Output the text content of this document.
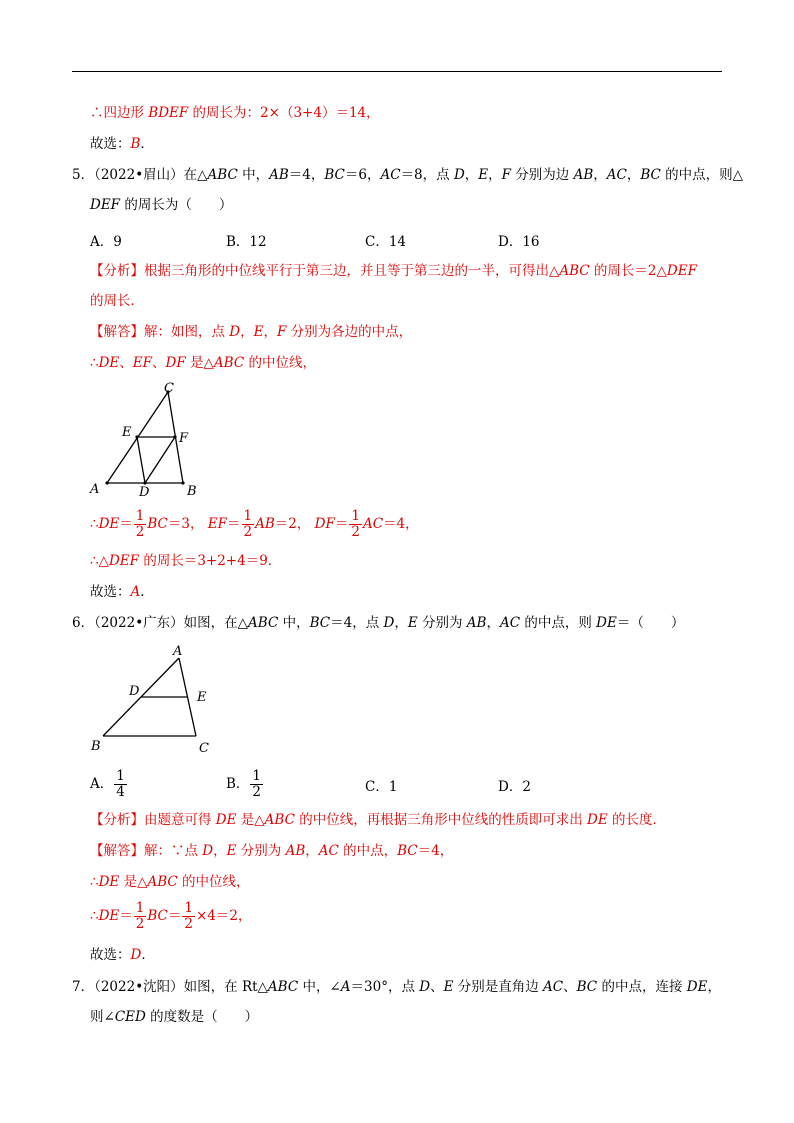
∴四边形 BDEF 的周长为：2×（3+4）＝14，
故选：B．
5．（2022•眉山）在△ABC 中，AB＝4，BC＝6，AC＝8，点 D，E，F 分别为边 AB，AC，BC 的中点，则△
DEF 的周长为（　　）
A．9	B．12	C．14	D．16
【分析】根据三角形的中位线平行于第三边，并且等于第三边的一半，可得出△ABC 的周长＝2△DEF
的周长．
【解答】解：如图，点 D，E，F 分别为各边的中点，
∴DE、EF、DF 是△ABC 的中位线，
C
E	F
A	D	B
∴DE＝ $\frac{1}{2} BC=3$， $EF= \frac{1}{2} AB=2$， $DF= \frac{1}{2} AC=4$，
∴△DEF 的周长＝3+2+4＝9．
故选：A．
6．（2022•广东）如图，在△ABC 中，BC＝4，点 D，E 分别为 AB，AC 的中点，则 DE＝（　　）
A
D	E
B	C
A． $\frac{1}{4}$	B． $\frac{1}{2}$	C．1	D．2
【分析】由题意可得 DE 是△ABC 的中位线，再根据三角形中位线的性质即可求出 DE 的长度．
【解答】解：∵点 D，E 分别为 AB，AC 的中点，BC＝4，
∴DE 是△ABC 的中位线，
∴DE＝ $\frac{1}{2} BC= \frac{1}{2} \times 4=2$，
故选：D．
7．（2022•沈阳）如图，在 Rt△ABC 中，∠A＝30°，点 D、E 分别是直角边 AC、BC 的中点，连接 DE，
则∠CED 的度数是（　　）
